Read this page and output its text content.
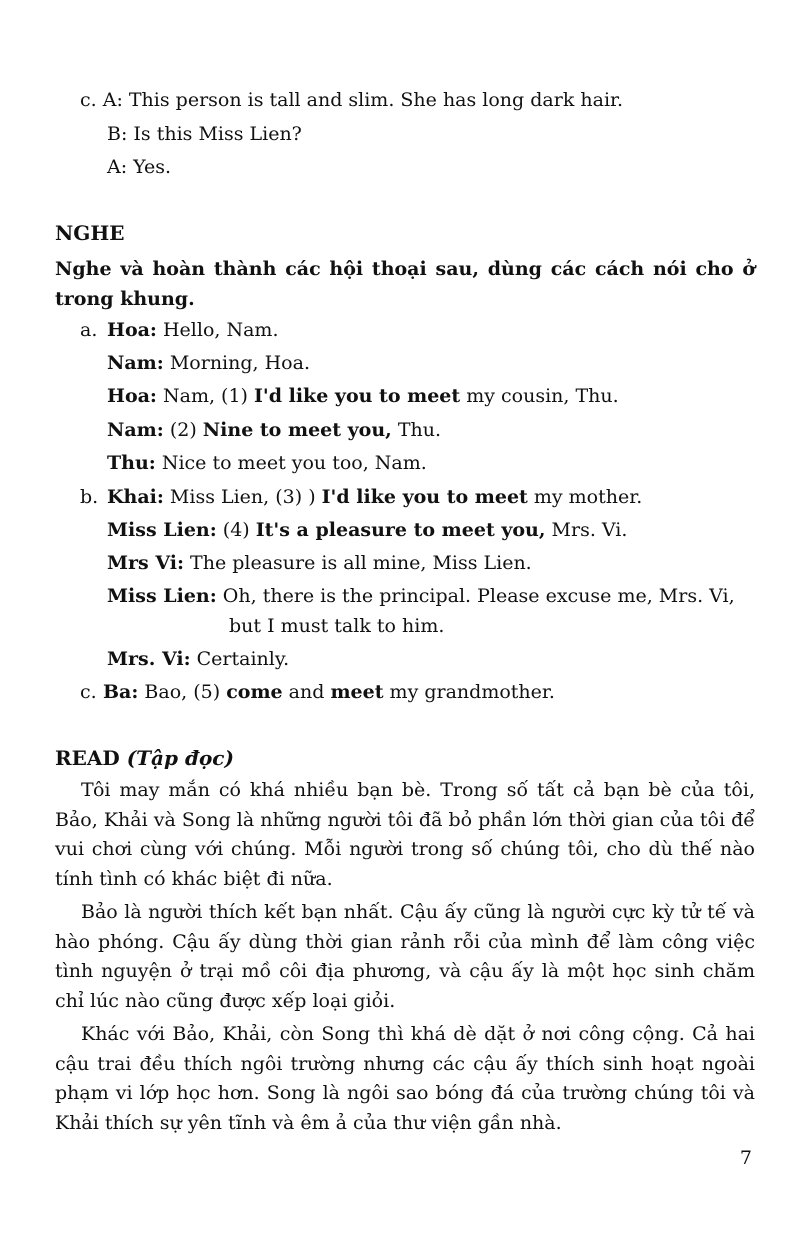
c. A: This person is tall and slim. She has long dark hair.
B: Is this Miss Lien?
A: Yes.
NGHE
Nghe và hoàn thành các hội thoại sau, dùng các cách nói cho ở trong khung.
a. Hoa: Hello, Nam.
Nam: Morning, Hoa.
Hoa: Nam, (1) I'd like you to meet my cousin, Thu.
Nam: (2) Nine to meet you, Thu.
Thu: Nice to meet you too, Nam.
b. Khai: Miss Lien, (3) ) I'd like you to meet my mother.
Miss Lien: (4) It's a pleasure to meet you, Mrs. Vi.
Mrs Vi: The pleasure is all mine, Miss Lien.
Miss Lien: Oh, there is the principal. Please excuse me, Mrs. Vi,
but I must talk to him.
Mrs. Vi: Certainly.
c. Ba: Bao, (5) come and meet my grandmother.
READ (Tập đọc)

Tôi may mắn có khá nhiều bạn bè. Trong số tất cả bạn bè của tôi, Bảo, Khải và Song là những người tôi đã bỏ phần lớn thời gian của tôi để vui chơi cùng với chúng. Mỗi người trong số chúng tôi, cho dù thế nào tính tình có khác biệt đi nữa.

Bảo là người thích kết bạn nhất. Cậu ấy cũng là người cực kỳ tử tế và hào phóng. Cậu ấy dùng thời gian rảnh rỗi của mình để làm công việc tình nguyện ở trại mồ côi địa phương, và cậu ấy là một học sinh chăm chỉ lúc nào cũng được xếp loại giỏi.

Khác với Bảo, Khải, còn Song thì khá dè dặt ở nơi công cộng. Cả hai cậu trai đều thích ngôi trường nhưng các cậu ấy thích sinh hoạt ngoài phạm vi lớp học hơn. Song là ngôi sao bóng đá của trường chúng tôi và Khải thích sự yên tĩnh và êm ả của thư viện gần nhà.

7
